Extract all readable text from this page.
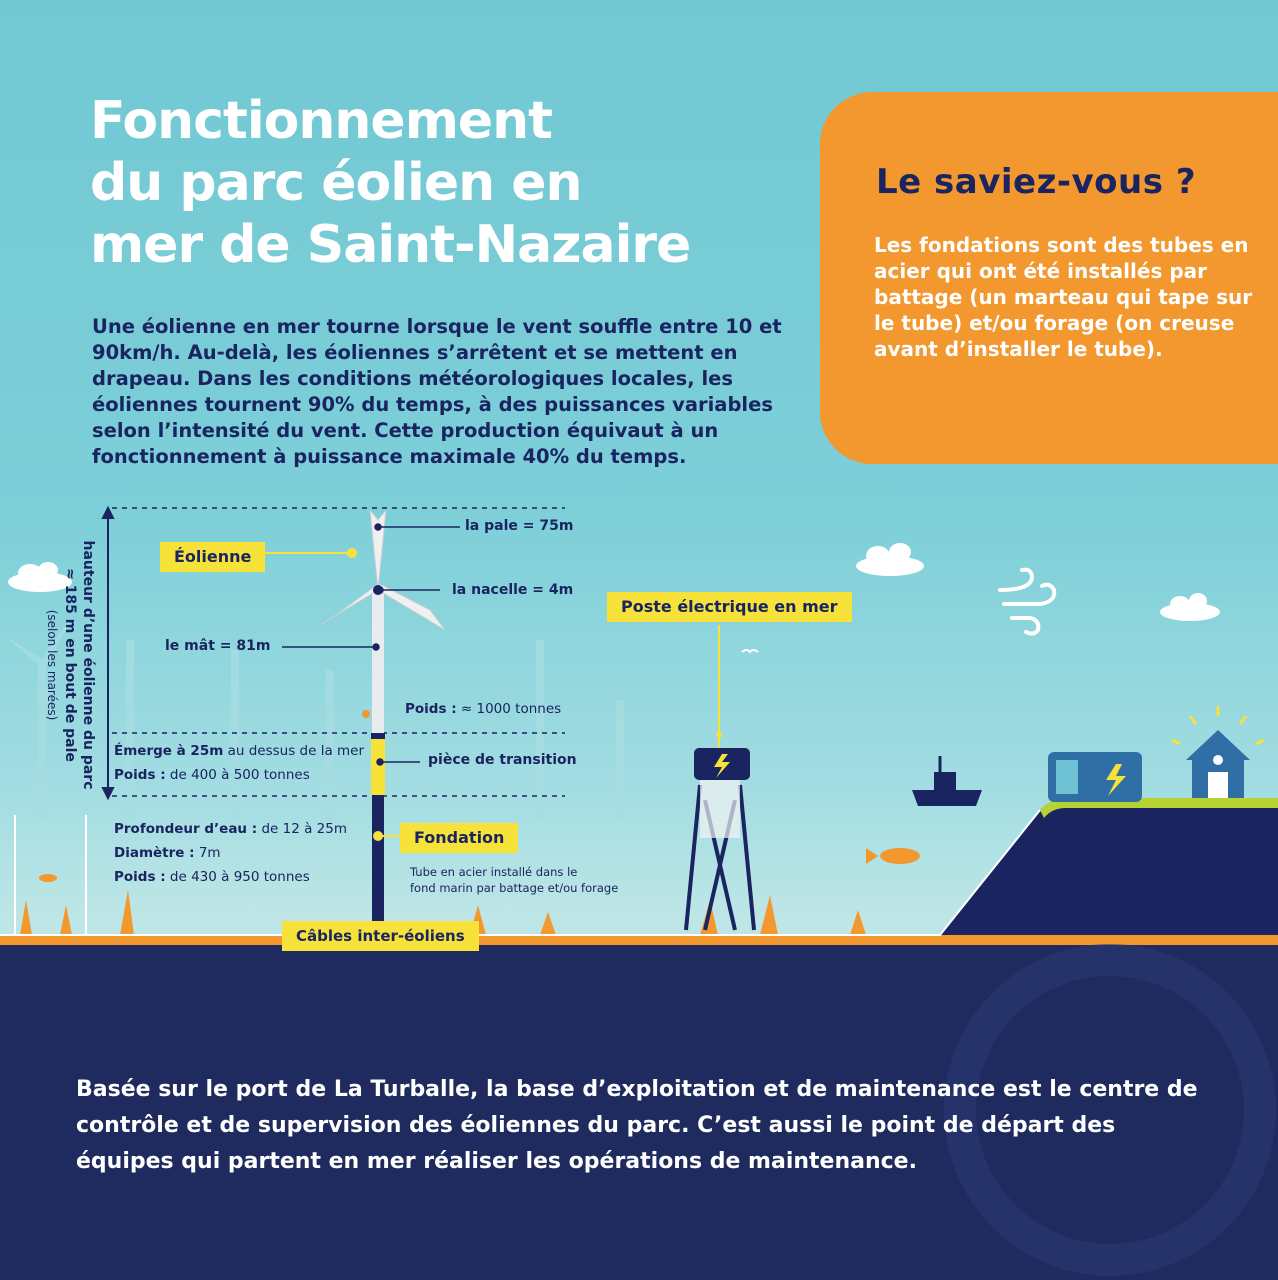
Fonctionnement
du parc éolien en
mer de Saint-Nazaire
Une éolienne en mer tourne lorsque le vent souffle entre 10 et 90km/h. Au-delà, les éoliennes s’arrêtent et se mettent en drapeau. Dans les conditions météorologiques locales, les éoliennes tournent 90% du temps, à des puissances variables selon l’intensité du vent. Cette production équivaut à un fonctionnement à puissance maximale 40% du temps.
Le saviez-vous ?
Les fondations sont des tubes en acier qui ont été installés par battage (un marteau qui tape sur le tube) et/ou forage (on creuse avant d’installer le tube).
hauteur d’une éolienne du parc
≈ 185 m en bout de pale
(selon les marées)
Éolienne
la pale = 75m
la nacelle = 4m
le mât = 81m
Poids : ≈ 1000 tonnes
Émerge à 25m au dessus de la mer
Poids : de 400 à 500 tonnes
pièce de transition
Profondeur d’eau : de 12 à 25m
Diamètre : 7m
Poids : de 430 à 950 tonnes
Fondation
Tube en acier installé dans le
fond marin par battage et/ou forage
Câbles inter-éoliens
Poste électrique en mer
Basée sur le port de La Turballe, la base d’exploitation et de maintenance est le centre de contrôle et de supervision des éoliennes du parc. C’est aussi le point de départ des équipes qui partent en mer réaliser les opérations de maintenance.
